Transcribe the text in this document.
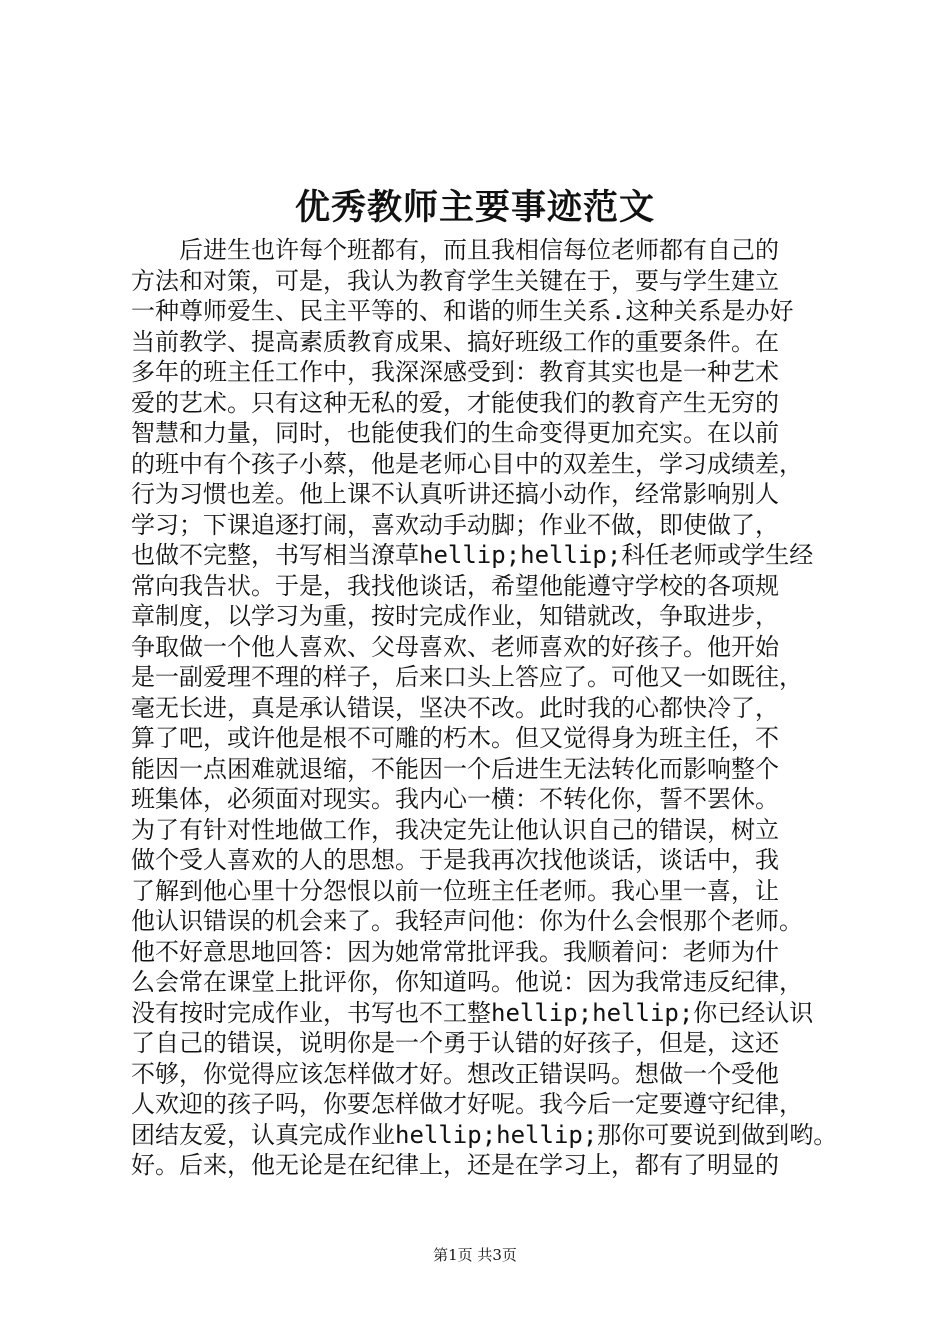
优秀教师主要事迹范文
　　后进生也许每个班都有，而且我相信每位老师都有自己的
方法和对策，可是，我认为教育学生关键在于，要与学生建立
一种尊师爱生、民主平等的、和谐的师生关系.这种关系是办好
当前教学、提高素质教育成果、搞好班级工作的重要条件。在
多年的班主任工作中，我深深感受到：教育其实也是一种艺术
爱的艺术。只有这种无私的爱，才能使我们的教育产生无穷的
智慧和力量，同时，也能使我们的生命变得更加充实。在以前
的班中有个孩子小蔡，他是老师心目中的双差生，学习成绩差，
行为习惯也差。他上课不认真听讲还搞小动作，经常影响别人
学习；下课追逐打闹，喜欢动手动脚；作业不做，即使做了，
也做不完整，书写相当潦草hellip;hellip;科任老师或学生经
常向我告状。于是，我找他谈话，希望他能遵守学校的各项规
章制度，以学习为重，按时完成作业，知错就改，争取进步，
争取做一个他人喜欢、父母喜欢、老师喜欢的好孩子。他开始
是一副爱理不理的样子，后来口头上答应了。可他又一如既往，
毫无长进，真是承认错误，坚决不改。此时我的心都快冷了，
算了吧，或许他是根不可雕的朽木。但又觉得身为班主任，不
能因一点困难就退缩，不能因一个后进生无法转化而影响整个
班集体，必须面对现实。我内心一横：不转化你，誓不罢休。
为了有针对性地做工作，我决定先让他认识自己的错误，树立
做个受人喜欢的人的思想。于是我再次找他谈话，谈话中，我
了解到他心里十分怨恨以前一位班主任老师。我心里一喜，让
他认识错误的机会来了。我轻声问他：你为什么会恨那个老师。
他不好意思地回答：因为她常常批评我。我顺着问：老师为什
么会常在课堂上批评你，你知道吗。他说：因为我常违反纪律，
没有按时完成作业，书写也不工整hellip;hellip;你已经认识
了自己的错误，说明你是一个勇于认错的好孩子，但是，这还
不够，你觉得应该怎样做才好。想改正错误吗。想做一个受他
人欢迎的孩子吗，你要怎样做才好呢。我今后一定要遵守纪律，
团结友爱，认真完成作业hellip;hellip;那你可要说到做到哟。
好。后来，他无论是在纪律上，还是在学习上，都有了明显的
第1页 共3页
